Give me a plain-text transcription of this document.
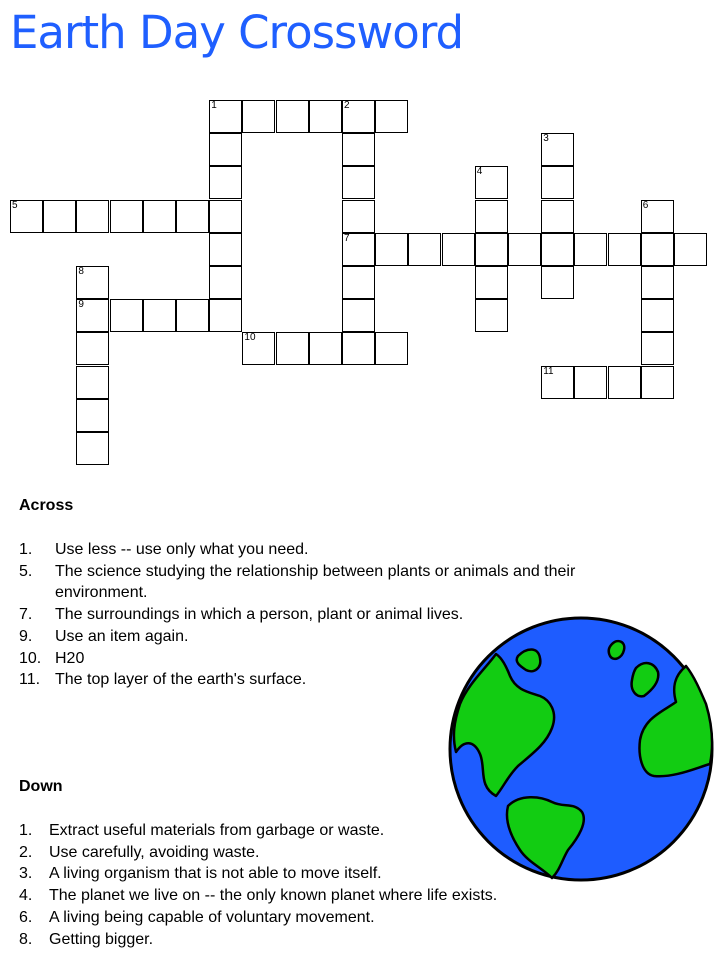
Earth Day Crossword
1	2
7
3
4
5	6
8
9
10
11
Across
1. Use less -- use only what you need.
5. The science studying the relationship between plants or animals and their environment.
7. The surroundings in which a person, plant or animal lives.
9. Use an item again.
10. H20
11. The top layer of the earth's surface.
Down
1. Extract useful materials from garbage or waste.
2. Use carefully, avoiding waste.
3. A living organism that is not able to move itself.
4. The planet we live on -- the only known planet where life exists.
6. A living being capable of voluntary movement.
8. Getting bigger.
